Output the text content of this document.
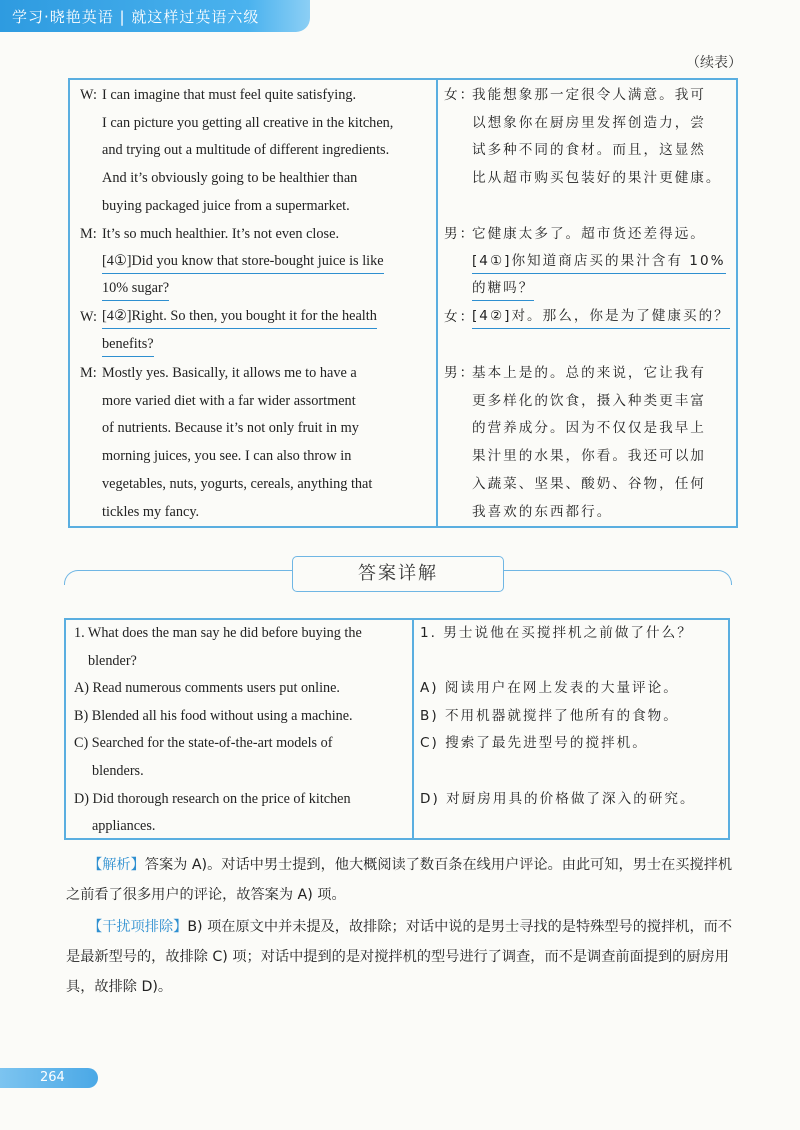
学习·晓艳英语 | 就这样过英语六级
（续表）
W: I can imagine that must feel quite satisfying.
I can picture you getting all creative in the kitchen,
and trying out a multitude of different ingredients.
And it’s obviously going to be healthier than
buying packaged juice from a supermarket.
女：
我能想象那一定很令人满意。我可
以想象你在厨房里发挥创造力，尝
试多种不同的食材。而且，这显然
比从超市购买包装好的果汁更健康。
M: It’s so much healthier. It’s not even close.
[4①]Did you know that store-bought juice is like
10% sugar?
男：
它健康太多了。超市货还差得远。
[4①]你知道商店买的果汁含有 10%
的糖吗？
W: [4②]Right. So then, you bought it for the health
benefits?
女：
[4②]对。那么，你是为了健康买的？
M: Mostly yes. Basically, it allows me to have a
more varied diet with a far wider assortment
of nutrients. Because it’s not only fruit in my
morning juices, you see. I can also throw in
vegetables, nuts, yogurts, cereals, anything that
tickles my fancy.
男：
基本上是的。总的来说，它让我有
更多样化的饮食，摄入种类更丰富
的营养成分。因为不仅仅是我早上
果汁里的水果，你看。我还可以加
入蔬菜、坚果、酸奶、谷物，任何
我喜欢的东西都行。
答案详解
1. What does the man say he did before buying the
blender?
1. 男士说他在买搅拌机之前做了什么？
A) Read numerous comments users put online.	A) 阅读用户在网上发表的大量评论。
B) Blended all his food without using a machine.	B) 不用机器就搅拌了他所有的食物。
C) Searched for the state-of-the-art models of
blenders.
C) 搜索了最先进型号的搅拌机。
D) Did thorough research on the price of kitchen
appliances.
D) 对厨房用具的价格做了深入的研究。
【解析】答案为 A)。对话中男士提到，他大概阅读了数百条在线用户评论。由此可知，男士在买搅拌机之前看了很多用户的评论，故答案为 A) 项。
【干扰项排除】B) 项在原文中并未提及，故排除；对话中说的是男士寻找的是特殊型号的搅拌机，而不是最新型号的，故排除 C) 项；对话中提到的是对搅拌机的型号进行了调查，而不是调查前面提到的厨房用具，故排除 D)。
264
